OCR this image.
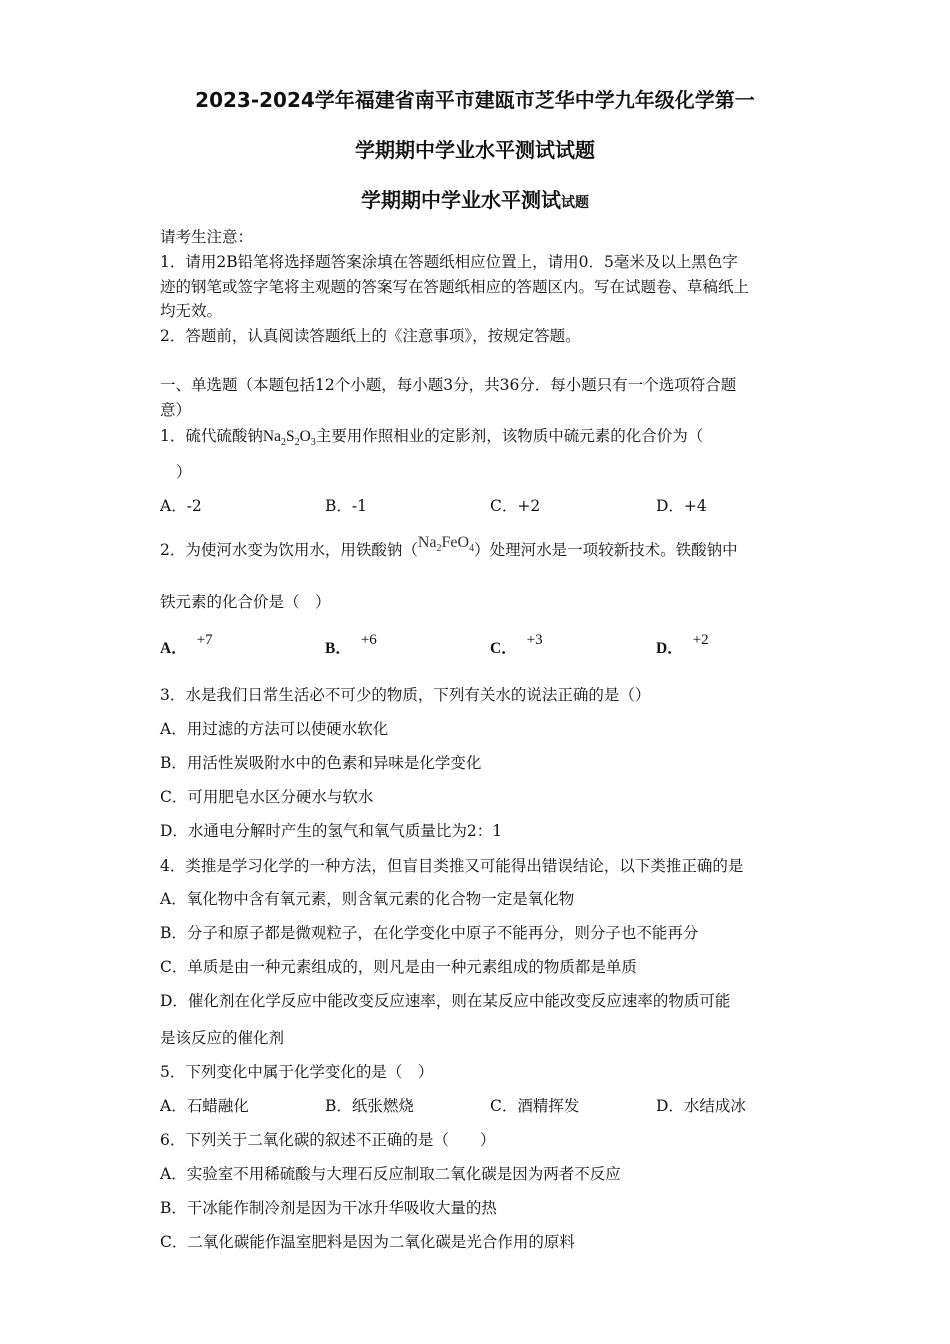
2023-2024学年福建省南平市建瓯市芝华中学九年级化学第一
学期期中学业水平测试试题
学期期中学业水平测试试题
请考生注意：
1．请用2B铅笔将选择题答案涂填在答题纸相应位置上，请用0．5毫米及以上黑色字
迹的钢笔或签字笔将主观题的答案写在答题纸相应的答题区内。写在试题卷、草稿纸上
均无效。
2．答题前，认真阅读答题纸上的《注意事项》，按规定答题。
一、单选题（本题包括12个小题，每小题3分，共36分．每小题只有一个选项符合题
意）
1．硫代硫酸钠$Na_2S_2O_3$主要用作照相业的定影剂，该物质中硫元素的化合价为（
）
A．-2	B．-1	C．+2	D．+4
2．为使河水变为饮用水，用铁酸钠$(Na_2FeO_4)$处理河水是一项较新技术。铁酸钠中
铁元素的化合价是（　）
A． +7	B． +6	C． +3	D． +2
3．水是我们日常生活必不可少的物质，下列有关水的说法正确的是（）
A．用过滤的方法可以使硬水软化
B．用活性炭吸附水中的色素和异味是化学变化
C．可用肥皂水区分硬水与软水
D．水通电分解时产生的氢气和氧气质量比为2：1
4．类推是学习化学的一种方法，但盲目类推又可能得出错误结论，以下类推正确的是
A．氧化物中含有氧元素，则含氧元素的化合物一定是氧化物
B．分子和原子都是微观粒子，在化学变化中原子不能再分，则分子也不能再分
C．单质是由一种元素组成的，则凡是由一种元素组成的物质都是单质
D．催化剂在化学反应中能改变反应速率，则在某反应中能改变反应速率的物质可能
是该反应的催化剂
5．下列变化中属于化学变化的是（　）
A．石蜡融化	B．纸张燃烧	C．酒精挥发	D．水结成冰
6．下列关于二氧化碳的叙述不正确的是（　　）
A．实验室不用稀硫酸与大理石反应制取二氧化碳是因为两者不反应
B．干冰能作制冷剂是因为干冰升华吸收大量的热
C．二氧化碳能作温室肥料是因为二氧化碳是光合作用的原料
